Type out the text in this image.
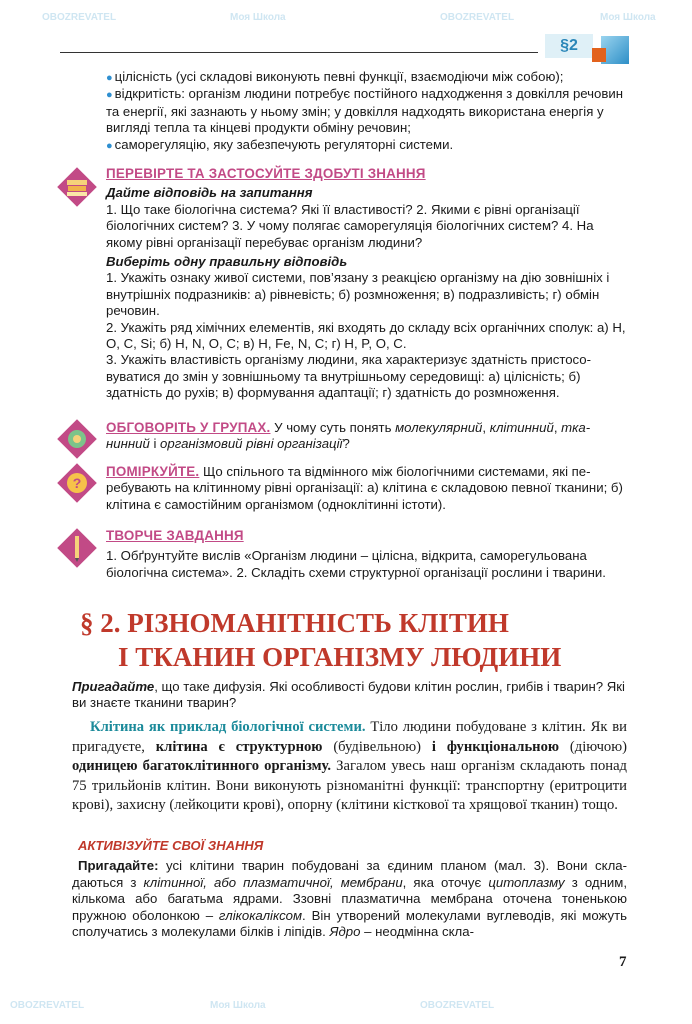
OBOZREVATEL	Моя Школа	OBOZREVATEL	Моя Школа
OBOZREVATEL	Моя Школа	OBOZREVATEL
§2
● цілісність (усі складові виконують певні функції, взаємодіючи між собою);
● відкритість: організм людини потребує постійного надходження з довкілля речовин та енергії, які зазнають у ньому змін; у довкілля надходять використана енергія у вигляді тепла та кінцеві продукти обміну речовин;
● саморегуляцію, яку забезпечують регуляторні системи.
ПЕРЕВІРТЕ ТА ЗАСТОСУЙТЕ ЗДОБУТІ ЗНАННЯ
Дайте відповідь на запитання
1. Що таке біологічна система? Які її властивості? 2. Якими є рівні організації біологічних систем? 3. У чому полягає саморегуляція біологічних систем? 4. На якому рівні організації перебуває організм людини?
Виберіть одну правильну відповідь
1. Укажіть ознаку живої системи, пов’язану з реакцією організму на дію зовнішніх і внутрішніх подразників: а) рівневість; б) розмноження; в) подразливість; г) обмін речовин.
2. Укажіть ряд хімічних елементів, які входять до складу всіх органічних сполук: а) H, O, C, Si; б) H, N, O, C; в) H, Fe, N, C; г) H, P, O, C.
3. Укажіть властивість організму людини, яка характеризує здатність пристосовуватися до змін у зовнішньому та внутрішньому середовищі: а) цілісність; б) здатність до рухів; в) формування адаптації; г) здатність до розмноження.
ОБГОВОРІТЬ У ГРУПАХ. У чому суть понять молекулярний, клітинний, тканинний і організмовий рівні організації?
?
ПОМІРКУЙТЕ. Що спільного та відмінного між біологічними системами, які перебувають на клітинному рівні організації: а) клітина є складовою певної тканини; б) клітина є самостійним організмом (одноклітинні істоти).
ТВОРЧЕ ЗАВДАННЯ
1. Обґрунтуйте вислів «Організм людини – цілісна, відкрита, саморегульована біологічна система». 2. Складіть схеми структурної організації рослини і тварини.
§ 2. РІЗНОМАНІТНІСТЬ КЛІТИН
І ТКАНИН ОРГАНІЗМУ ЛЮДИНИ
Пригадайте, що таке дифузія. Які особливості будови клітин рослин, грибів і тварин? Які ви знаєте тканини тварин?
Клітина як приклад біологічної системи. Тіло людини побудоване з клітин. Як ви пригадуєте, клітина є структурною (будівельною) і функціональною (діючою) одиницею багатоклітинного організму. Загалом увесь наш організм складають понад 75 трильйонів клітин. Вони виконують різноманітні функції: транспортну (еритроцити крові), захисну (лейкоцити крові), опорну (клітини кісткової та хрящової тканин) тощо.
АКТИВІЗУЙТЕ СВОЇ ЗНАННЯ
Пригадайте: усі клітини тварин побудовані за єдиним планом (мал. 3). Вони складаються з клітинної, або плазматичної, мембрани, яка оточує цитоплазму з одним, кількома або багатьма ядрами. Ззовні плазматична мембрана оточена тоненькою пружною оболонкою – глікокаліксом. Він утворений молекулами вуглеводів, які можуть сполучатись з молекулами білків і ліпідів. Ядро – неодмінна скла-
7
